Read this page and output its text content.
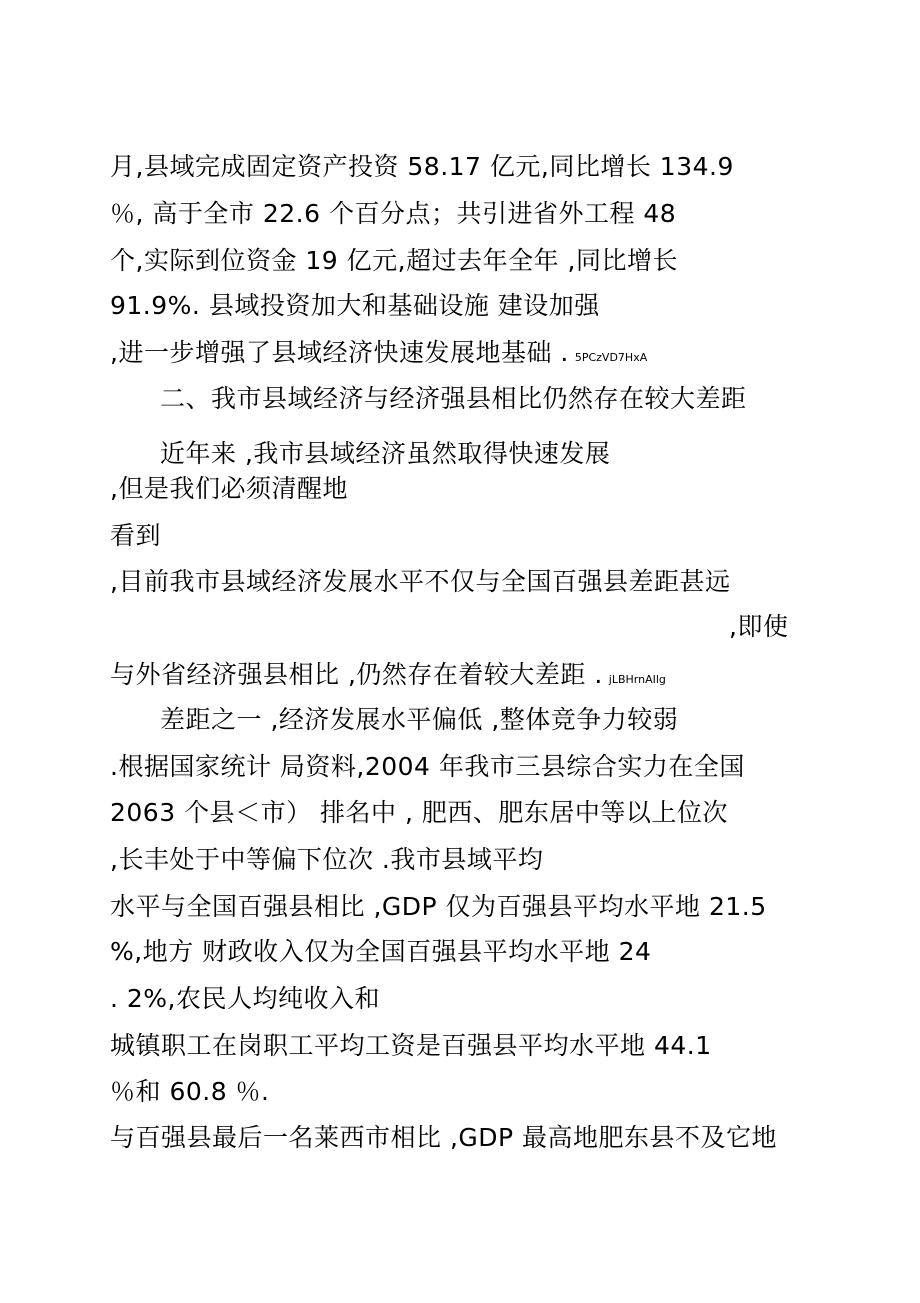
月,县域完成固定资产投资 58.17 亿元,同比增长 134.9
％, 高于全市 22.6 个百分点；共引进省外工程 48
个,实际到位资金 19 亿元,超过去年全年 ,同比增长
91.9%. 县域投资加大和基础设施 建设加强
,进一步增强了县域经济快速发展地基础 . 5PCzVD7HxA
二、我市县域经济与经济强县相比仍然存在较大差距
近年来 ,我市县域经济虽然取得快速发展
,但是我们必须清醒地
看到
,目前我市县域经济发展水平不仅与全国百强县差距甚远
,即使
与外省经济强县相比 ,仍然存在着较大差距 . jLBHrnAIlg
差距之一 ,经济发展水平偏低 ,整体竞争力较弱
.根据国家统计 局资料,2004 年我市三县综合实力在全国
2063 个县＜市） 排名中 , 肥西、肥东居中等以上位次
,长丰处于中等偏下位次 .我市县域平均
水平与全国百强县相比 ,GDP 仅为百强县平均水平地 21.5
%,地方 财政收入仅为全国百强县平均水平地 24
. 2%,农民人均纯收入和
城镇职工在岗职工平均工资是百强县平均水平地 44.1
％和 60.8 ％.
与百强县最后一名莱西市相比 ,GDP 最高地肥东县不及它地
